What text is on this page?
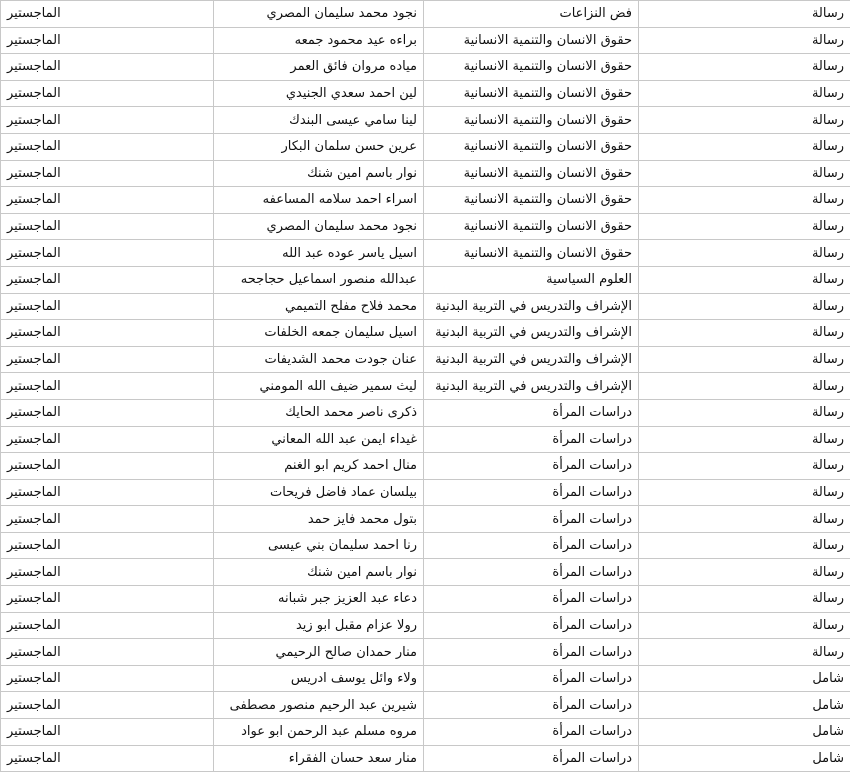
رسالة	فض النزاعات	نجود محمد سليمان المصري	الماجستير
رسالة	حقوق الانسان والتنمية الانسانية	براءه عيد محمود جمعه	الماجستير
رسالة	حقوق الانسان والتنمية الانسانية	مياده مروان فائق العمر	الماجستير
رسالة	حقوق الانسان والتنمية الانسانية	لين احمد سعدي الجنيدي	الماجستير
رسالة	حقوق الانسان والتنمية الانسانية	لينا سامي عيسى البندك	الماجستير
رسالة	حقوق الانسان والتنمية الانسانية	عرين حسن سلمان البكار	الماجستير
رسالة	حقوق الانسان والتنمية الانسانية	نوار باسم امين شنك	الماجستير
رسالة	حقوق الانسان والتنمية الانسانية	اسراء احمد سلامه المساعفه	الماجستير
رسالة	حقوق الانسان والتنمية الانسانية	نجود محمد سليمان المصري	الماجستير
رسالة	حقوق الانسان والتنمية الانسانية	اسيل ياسر عوده عبد الله	الماجستير
رسالة	العلوم السياسية	عبدالله منصور اسماعيل حجاجحه	الماجستير
رسالة	الإشراف والتدريس في التربية البدنية	محمد فلاح مفلح التميمي	الماجستير
رسالة	الإشراف والتدريس في التربية البدنية	اسيل سليمان جمعه الخلفات	الماجستير
رسالة	الإشراف والتدريس في التربية البدنية	عنان جودت محمد الشديفات	الماجستير
رسالة	الإشراف والتدريس في التربية البدنية	ليث سمير ضيف الله المومني	الماجستير
رسالة	دراسات المرأة	ذكرى ناصر محمد الحايك	الماجستير
رسالة	دراسات المرأة	غيداء ايمن عبد الله المعاني	الماجستير
رسالة	دراسات المرأة	منال احمد كريم ابو الغنم	الماجستير
رسالة	دراسات المرأة	بيلسان عماد فاضل فريحات	الماجستير
رسالة	دراسات المرأة	بتول محمد فايز حمد	الماجستير
رسالة	دراسات المرأة	رنا احمد سليمان بني عيسى	الماجستير
رسالة	دراسات المرأة	نوار باسم امين شنك	الماجستير
رسالة	دراسات المرأة	دعاء عبد العزيز جبر شبانه	الماجستير
رسالة	دراسات المرأة	رولا عزام مقبل ابو زيد	الماجستير
رسالة	دراسات المرأة	منار حمدان صالح الرحيمي	الماجستير
شامل	دراسات المرأة	ولاء وائل يوسف ادريس	الماجستير
شامل	دراسات المرأة	شيرين عبد الرحيم منصور مصطفى	الماجستير
شامل	دراسات المرأة	مروه مسلم عبد الرحمن ابو عواد	الماجستير
شامل	دراسات المرأة	منار سعد حسان الفقراء	الماجستير
